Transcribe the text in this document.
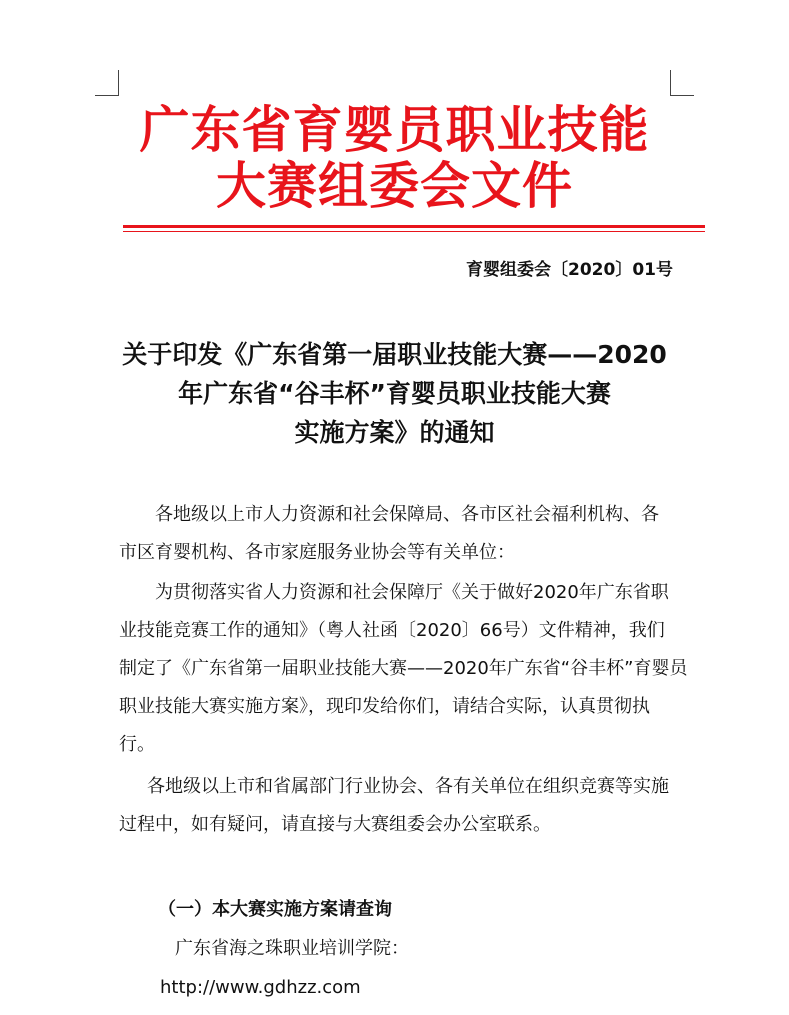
广东省育婴员职业技能
大赛组委会文件
育婴组委会〔2020〕01号
关于印发《广东省第一届职业技能大赛——2020
年广东省“谷丰杯”育婴员职业技能大赛
实施方案》的通知
各地级以上市人力资源和社会保障局、各市区社会福利机构、各
市区育婴机构、各市家庭服务业协会等有关单位：
为贯彻落实省人力资源和社会保障厅《关于做好2020年广东省职
业技能竞赛工作的通知》（粤人社函〔2020〕66号）文件精神，我们
制定了《广东省第一届职业技能大赛——2020年广东省“谷丰杯”育婴员
职业技能大赛实施方案》，现印发给你们，请结合实际，认真贯彻执
行。
各地级以上市和省属部门行业协会、各有关单位在组织竞赛等实施
过程中，如有疑问，请直接与大赛组委会办公室联系。
（一）本大赛实施方案请查询
广东省海之珠职业培训学院：
http://www.gdhzz.com
